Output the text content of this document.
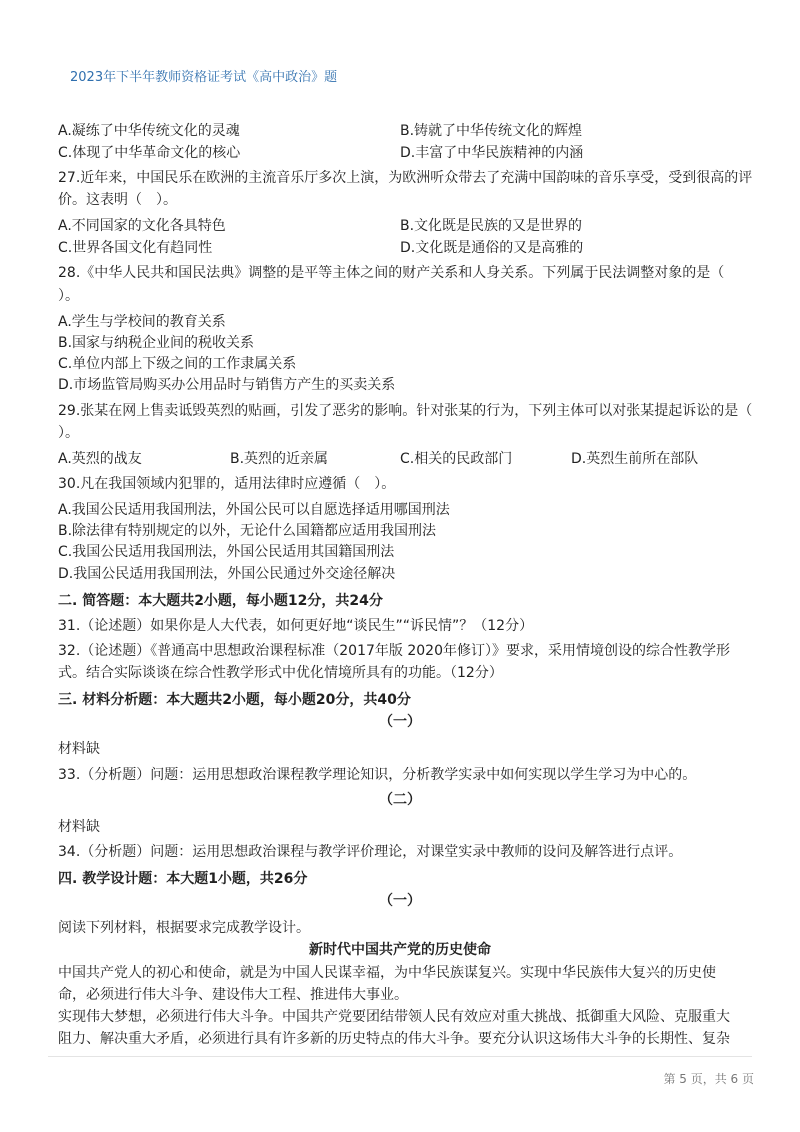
2023年下半年教师资格证考试《高中政治》题
A.凝练了中华传统文化的灵魂	B.铸就了中华传统文化的辉煌
C.体现了中华革命文化的核心	D.丰富了中华民族精神的内涵
27.近年来，中国民乐在欧洲的主流音乐厅多次上演，为欧洲听众带去了充满中国韵味的音乐享受，受到很高的评
价。这表明（　）。
A.不同国家的文化各具特色	B.文化既是民族的又是世界的
C.世界各国文化有趋同性	D.文化既是通俗的又是高雅的
28.《中华人民共和国民法典》调整的是平等主体之间的财产关系和人身关系。下列属于民法调整对象的是（
）。
A.学生与学校间的教育关系
B.国家与纳税企业间的税收关系
C.单位内部上下级之间的工作隶属关系
D.市场监管局购买办公用品时与销售方产生的买卖关系
29.张某在网上售卖诋毁英烈的贴画，引发了恶劣的影响。针对张某的行为，下列主体可以对张某提起诉讼的是（
）。
A.英烈的战友	B.英烈的近亲属	C.相关的民政部门	D.英烈生前所在部队
30.凡在我国领域内犯罪的，适用法律时应遵循（　）。
A.我国公民适用我国刑法，外国公民可以自愿选择适用哪国刑法
B.除法律有特别规定的以外，无论什么国籍都应适用我国刑法
C.我国公民适用我国刑法，外国公民适用其国籍国刑法
D.我国公民适用我国刑法，外国公民通过外交途径解决
二. 简答题：本大题共2小题，每小题12分，共24分
31.（论述题）如果你是人大代表，如何更好地“谈民生”“诉民情”？（12分）
32.（论述题）《普通高中思想政治课程标准（2017年版 2020年修订）》要求，采用情境创设的综合性教学形
式。结合实际谈谈在综合性教学形式中优化情境所具有的功能。（12分）
三. 材料分析题：本大题共2小题，每小题20分，共40分
（一）
材料缺
33.（分析题）问题：运用思想政治课程教学理论知识，分析教学实录中如何实现以学生学习为中心的。
（二）
材料缺
34.（分析题）问题：运用思想政治课程与教学评价理论，对课堂实录中教师的设问及解答进行点评。
四. 教学设计题：本大题1小题，共26分
（一）
阅读下列材料，根据要求完成教学设计。
新时代中国共产党的历史使命
中国共产党人的初心和使命，就是为中国人民谋幸福，为中华民族谋复兴。实现中华民族伟大复兴的历史使
命，必须进行伟大斗争、建设伟大工程、推进伟大事业。
实现伟大梦想，必须进行伟大斗争。中国共产党要团结带领人民有效应对重大挑战、抵御重大风险、克服重大
阻力、解决重大矛盾，必须进行具有许多新的历史特点的伟大斗争。要充分认识这场伟大斗争的长期性、复杂
第 5 页，共 6 页
